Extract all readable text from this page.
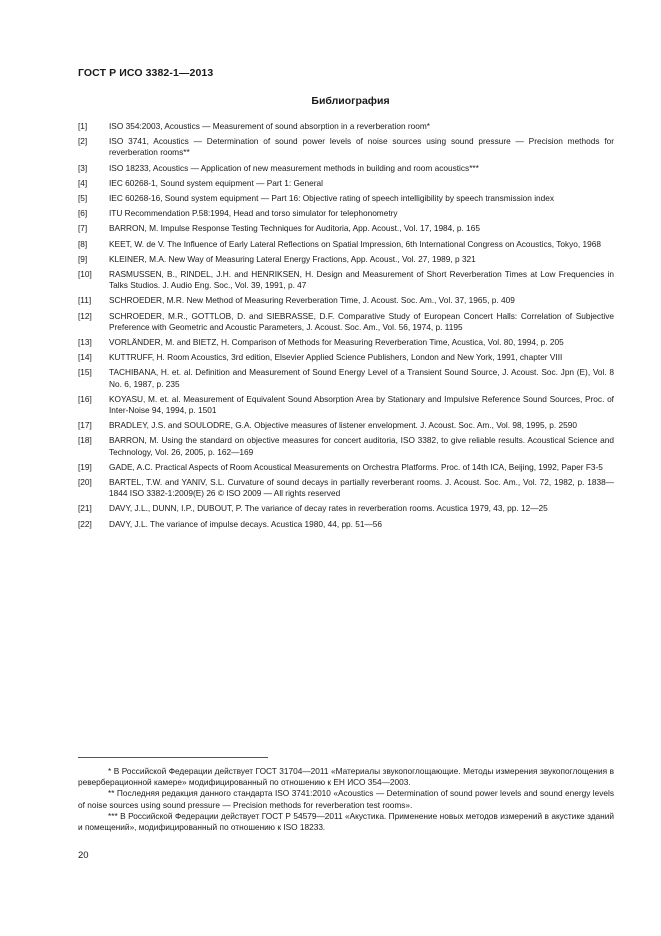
ГОСТ Р ИСО 3382-1—2013
Библиография
[1]	ISO 354:2003, Acoustics — Measurement of sound absorption in a reverberation room*
[2]	ISO 3741, Acoustics — Determination of sound power levels of noise sources using sound pressure — Precision methods for reverberation rooms**
[3]	ISO 18233, Acoustics — Application of new measurement methods in building and room acoustics***
[4]	IEC 60268-1, Sound system equipment — Part 1: General
[5]	IEC 60268-16, Sound system equipment — Part 16: Objective rating of speech intelligibility by speech transmission index
[6]	ITU Recommendation P.58:1994, Head and torso simulator for telephonometry
[7]	BARRON, M. Impulse Response Testing Techniques for Auditoria, App. Acoust., Vol. 17, 1984, p. 165
[8]	KEET, W. de V. The Influence of Early Lateral Reflections on Spatial Impression, 6th International Congress on Acoustics, Tokyo, 1968
[9]	KLEINER, M.A. New Way of Measuring Lateral Energy Fractions, App. Acoust., Vol. 27, 1989, p 321
[10]	RASMUSSEN, B., RINDEL, J.H. and HENRIKSEN, H. Design and Measurement of Short Reverberation Times at Low Frequencies in Talks Studios. J. Audio Eng. Soc., Vol. 39, 1991, p. 47
[11]	SCHROEDER, M.R. New Method of Measuring Reverberation Time, J. Acoust. Soc. Am., Vol. 37, 1965, p. 409
[12]	SCHROEDER, M.R., GOTTLOB, D. and SIEBRASSE, D.F. Comparative Study of European Concert Halls: Correlation of Subjective Preference with Geometric and Acoustic Parameters, J. Acoust. Soc. Am., Vol. 56, 1974, p. 1195
[13]	VORLÄNDER, M. and BIETZ, H. Comparison of Methods for Measuring Reverberation Time, Acustica, Vol. 80, 1994, p. 205
[14]	KUTTRUFF, H. Room Acoustics, 3rd edition, Elsevier Applied Science Publishers, London and New York, 1991, chapter VIII
[15]	TACHIBANA, H. et. al. Definition and Measurement of Sound Energy Level of a Transient Sound Source, J. Acoust. Soc. Jpn (E), Vol. 8 No. 6, 1987, p. 235
[16]	KOYASU, M. et. al. Measurement of Equivalent Sound Absorption Area by Stationary and Impulsive Reference Sound Sources, Proc. of Inter-Noise 94, 1994, p. 1501
[17]	BRADLEY, J.S. and SOULODRE, G.A. Objective measures of listener envelopment. J. Acoust. Soc. Am., Vol. 98, 1995, p. 2590
[18]	BARRON, M. Using the standard on objective measures for concert auditoria, ISO 3382, to give reliable results. Acoustical Science and Technology, Vol. 26, 2005, p. 162—169
[19]	GADE, A.C. Practical Aspects of Room Acoustical Measurements on Orchestra Platforms. Proc. of 14th ICA, Beijing, 1992, Paper F3-5
[20]	BARTEL, T.W. and YANIV, S.L. Curvature of sound decays in partially reverberant rooms. J. Acoust. Soc. Am., Vol. 72, 1982, p. 1838—1844 ISO 3382-1:2009(E) 26 © ISO 2009 — All rights reserved
[21]	DAVY, J.L., DUNN, I.P., DUBOUT, P. The variance of decay rates in reverberation rooms. Acustica 1979, 43, pp. 12—25
[22]	DAVY, J.L. The variance of impulse decays. Acustica 1980, 44, pp. 51—56
* В Российской Федерации действует ГОСТ 31704—2011 «Материалы звукопоглощающие. Методы измерения звукопоглощения в реверберационной камере» модифицированный по отношению к ЕН ИСО 354—2003.
** Последняя редакция данного стандарта ISO 3741:2010 «Acoustics — Determination of sound power levels and sound energy levels of noise sources using sound pressure — Precision methods for reverberation test rooms».
*** В Российской Федерации действует ГОСТ Р 54579—2011 «Акустика. Применение новых методов измерений в акустике зданий и помещений», модифицированный по отношению к ISO 18233.
20
